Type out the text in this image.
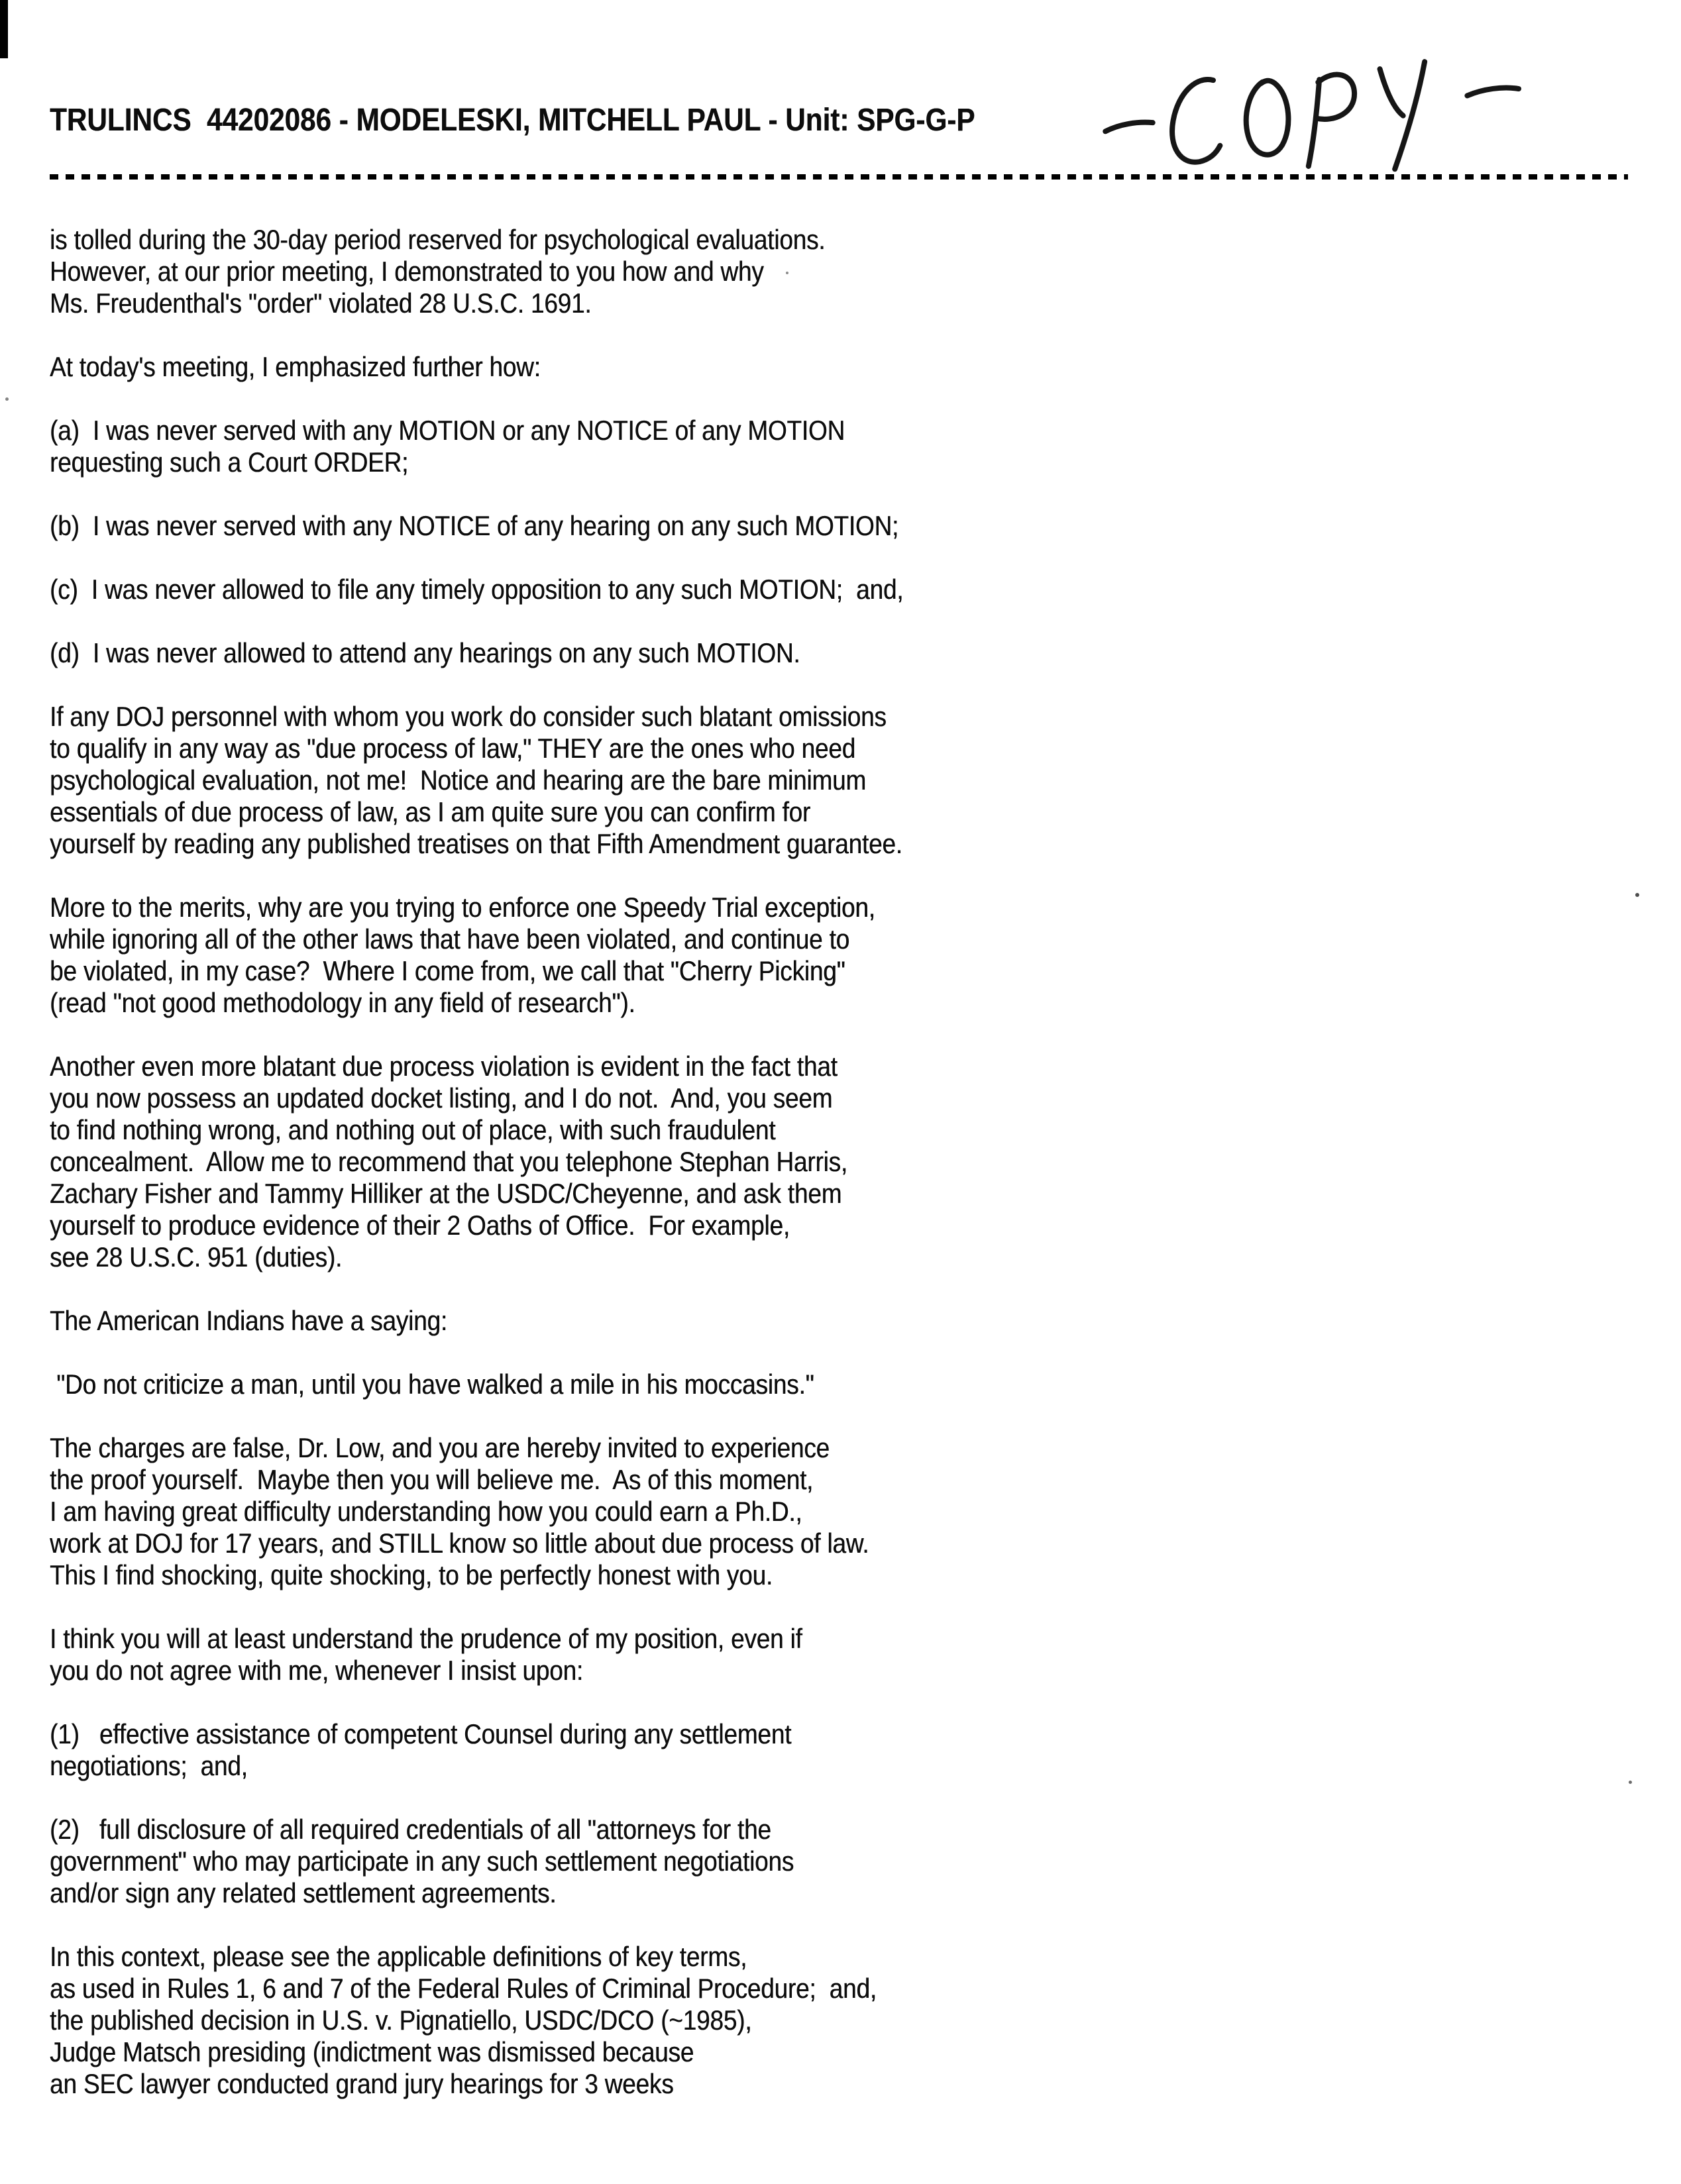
TRULINCS  44202086 - MODELESKI, MITCHELL PAUL - Unit: SPG-G-P
is tolled during the 30-day period reserved for psychological evaluations.
However, at our prior meeting, I demonstrated to you how and why
Ms. Freudenthal's "order" violated 28 U.S.C. 1691.
At today's meeting, I emphasized further how:
(a)  I was never served with any MOTION or any NOTICE of any MOTION
requesting such a Court ORDER;
(b)  I was never served with any NOTICE of any hearing on any such MOTION;
(c)  I was never allowed to file any timely opposition to any such MOTION;  and,
(d)  I was never allowed to attend any hearings on any such MOTION.
If any DOJ personnel with whom you work do consider such blatant omissions
to qualify in any way as "due process of law," THEY are the ones who need
psychological evaluation, not me!  Notice and hearing are the bare minimum
essentials of due process of law, as I am quite sure you can confirm for
yourself by reading any published treatises on that Fifth Amendment guarantee.
More to the merits, why are you trying to enforce one Speedy Trial exception,
while ignoring all of the other laws that have been violated, and continue to
be violated, in my case?  Where I come from, we call that "Cherry Picking"
(read "not good methodology in any field of research").
Another even more blatant due process violation is evident in the fact that
you now possess an updated docket listing, and I do not.  And, you seem
to find nothing wrong, and nothing out of place, with such fraudulent
concealment.  Allow me to recommend that you telephone Stephan Harris,
Zachary Fisher and Tammy Hilliker at the USDC/Cheyenne, and ask them
yourself to produce evidence of their 2 Oaths of Office.  For example,
see 28 U.S.C. 951 (duties).
The American Indians have a saying:
"Do not criticize a man, until you have walked a mile in his moccasins."
The charges are false, Dr. Low, and you are hereby invited to experience
the proof yourself.  Maybe then you will believe me.  As of this moment,
I am having great difficulty understanding how you could earn a Ph.D.,
work at DOJ for 17 years, and STILL know so little about due process of law.
This I find shocking, quite shocking, to be perfectly honest with you.
I think you will at least understand the prudence of my position, even if
you do not agree with me, whenever I insist upon:
(1)   effective assistance of competent Counsel during any settlement
negotiations;  and,
(2)   full disclosure of all required credentials of all "attorneys for the
government" who may participate in any such settlement negotiations
and/or sign any related settlement agreements.
In this context, please see the applicable definitions of key terms,
as used in Rules 1, 6 and 7 of the Federal Rules of Criminal Procedure;  and,
the published decision in U.S. v. Pignatiello, USDC/DCO (~1985),
Judge Matsch presiding (indictment was dismissed because
an SEC lawyer conducted grand jury hearings for 3 weeks
